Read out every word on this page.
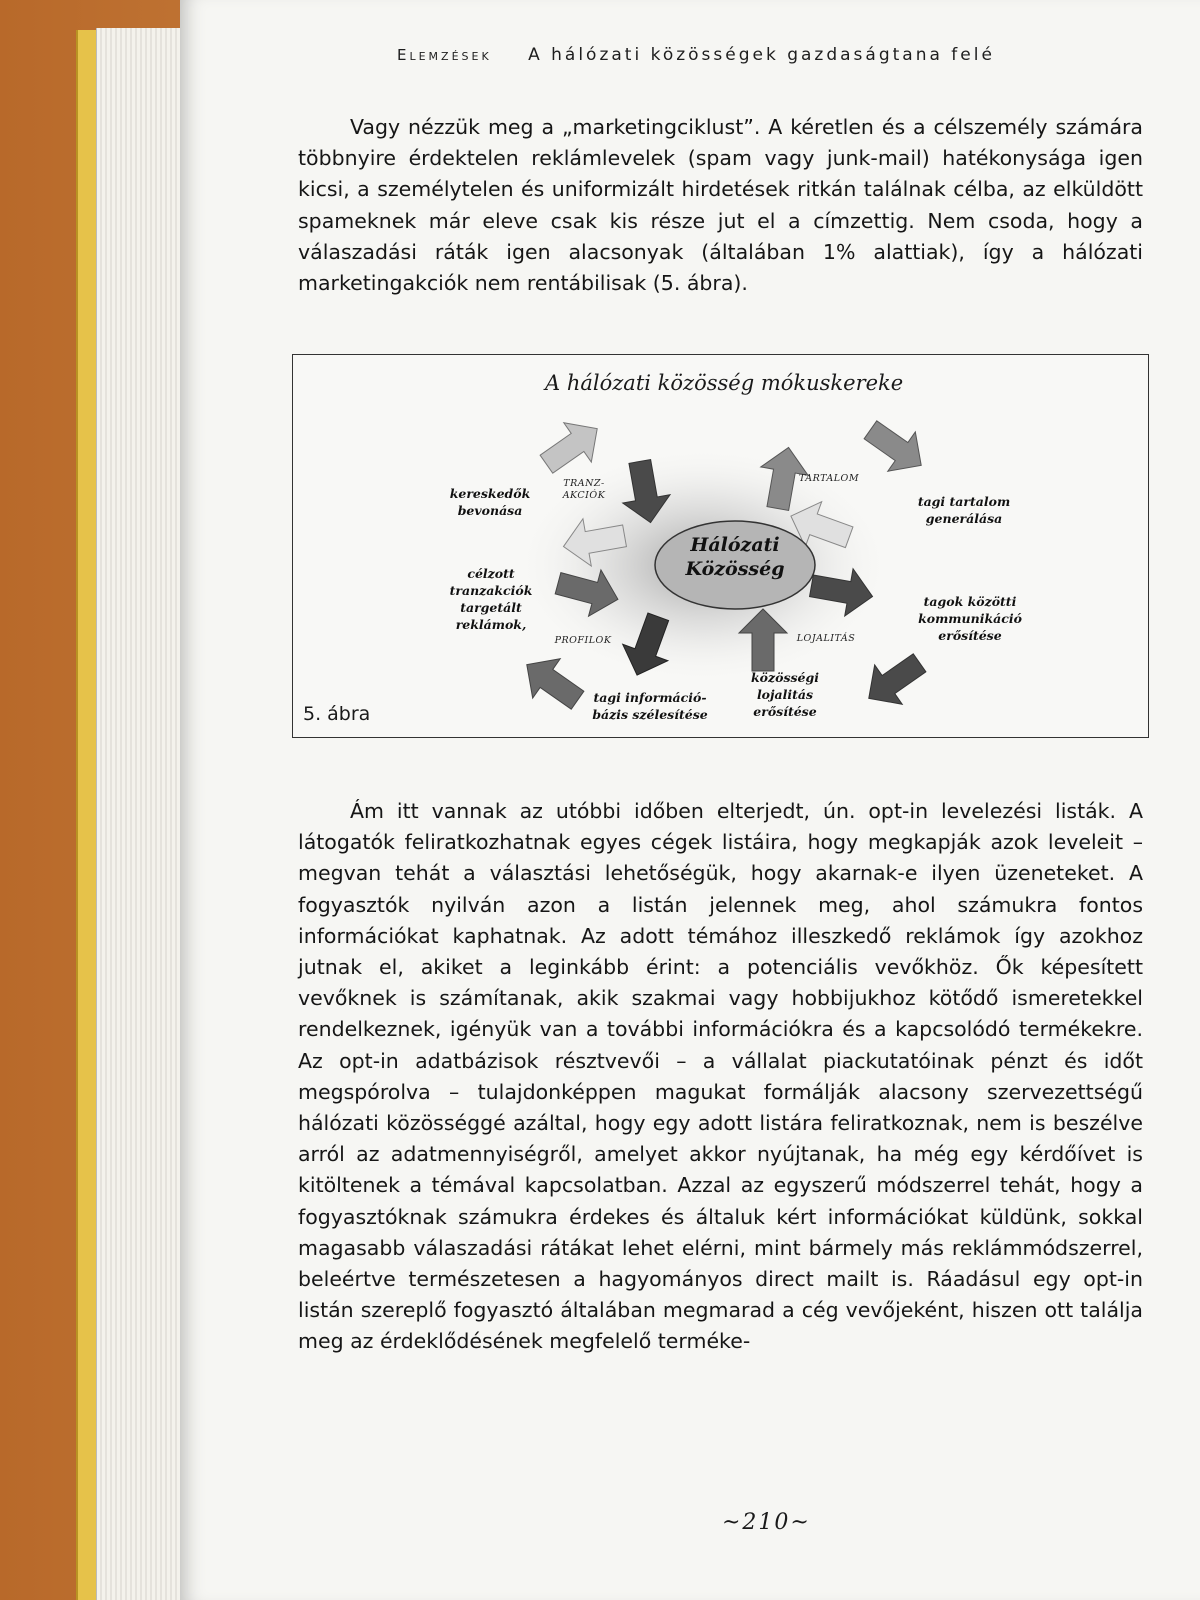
Elemzések A hálózati közösségek gazdaságtana felé

Vagy nézzük meg a „marketingciklust”. A kéretlen és a célszemély számára többnyire érdektelen reklámlevelek (spam vagy junk-mail) hatékonysága igen kicsi, a személytelen és uniformizált hirdetések ritkán találnak célba, az elküldött spameknek már eleve csak kis része jut el a címzettig. Nem csoda, hogy a válaszadási ráták igen alacsonyak (általában 1% alattiak), így a hálózati marketingakciók nem rentábilisak (5. ábra).

A hálózati közösség mókuskereke
Hálózati
Közösség
kereskedők
bevonása
tagi tartalom
generálása
célzott
tranzakciók
targetált
reklámok,
tagok közötti
kommunikáció
erősítése
tagi információ-
bázis szélesítése
közösségi
lojalitás
erősítése
TRANZ-
AKCIÓK
TARTALOM
PROFILOK	LOJALITÁS
5. ábra

Ám itt vannak az utóbbi időben elterjedt, ún. opt-in levelezési listák. A látogatók feliratkozhatnak egyes cégek listáira, hogy megkapják azok leveleit – megvan tehát a választási lehetőségük, hogy akarnak-e ilyen üzeneteket. A fogyasztók nyilván azon a listán jelennek meg, ahol számukra fontos információkat kaphatnak. Az adott témához illeszkedő reklámok így azokhoz jutnak el, akiket a leginkább érint: a potenciális vevőkhöz. Ők képesített vevőknek is számítanak, akik szakmai vagy hobbijukhoz kötődő ismeretekkel rendelkeznek, igényük van a további információkra és a kapcsolódó termékekre. Az opt-in adatbázisok résztvevői – a vállalat piackutatóinak pénzt és időt megspórolva – tulajdonképpen magukat formálják alacsony szervezettségű hálózati közösséggé azáltal, hogy egy adott listára feliratkoznak, nem is beszélve arról az adatmennyiségről, amelyet akkor nyújtanak, ha még egy kérdőívet is kitöltenek a témával kapcsolatban. Azzal az egyszerű módszerrel tehát, hogy a fogyasztóknak számukra érdekes és általuk kért információkat küldünk, sokkal magasabb válaszadási rátákat lehet elérni, mint bármely más reklámmódszerrel, beleértve természetesen a hagyományos direct mailt is. Ráadásul egy opt-in listán szereplő fogyasztó általában megmarad a cég vevőjeként, hiszen ott találja meg az érdeklődésének megfelelő terméke-

~210~
